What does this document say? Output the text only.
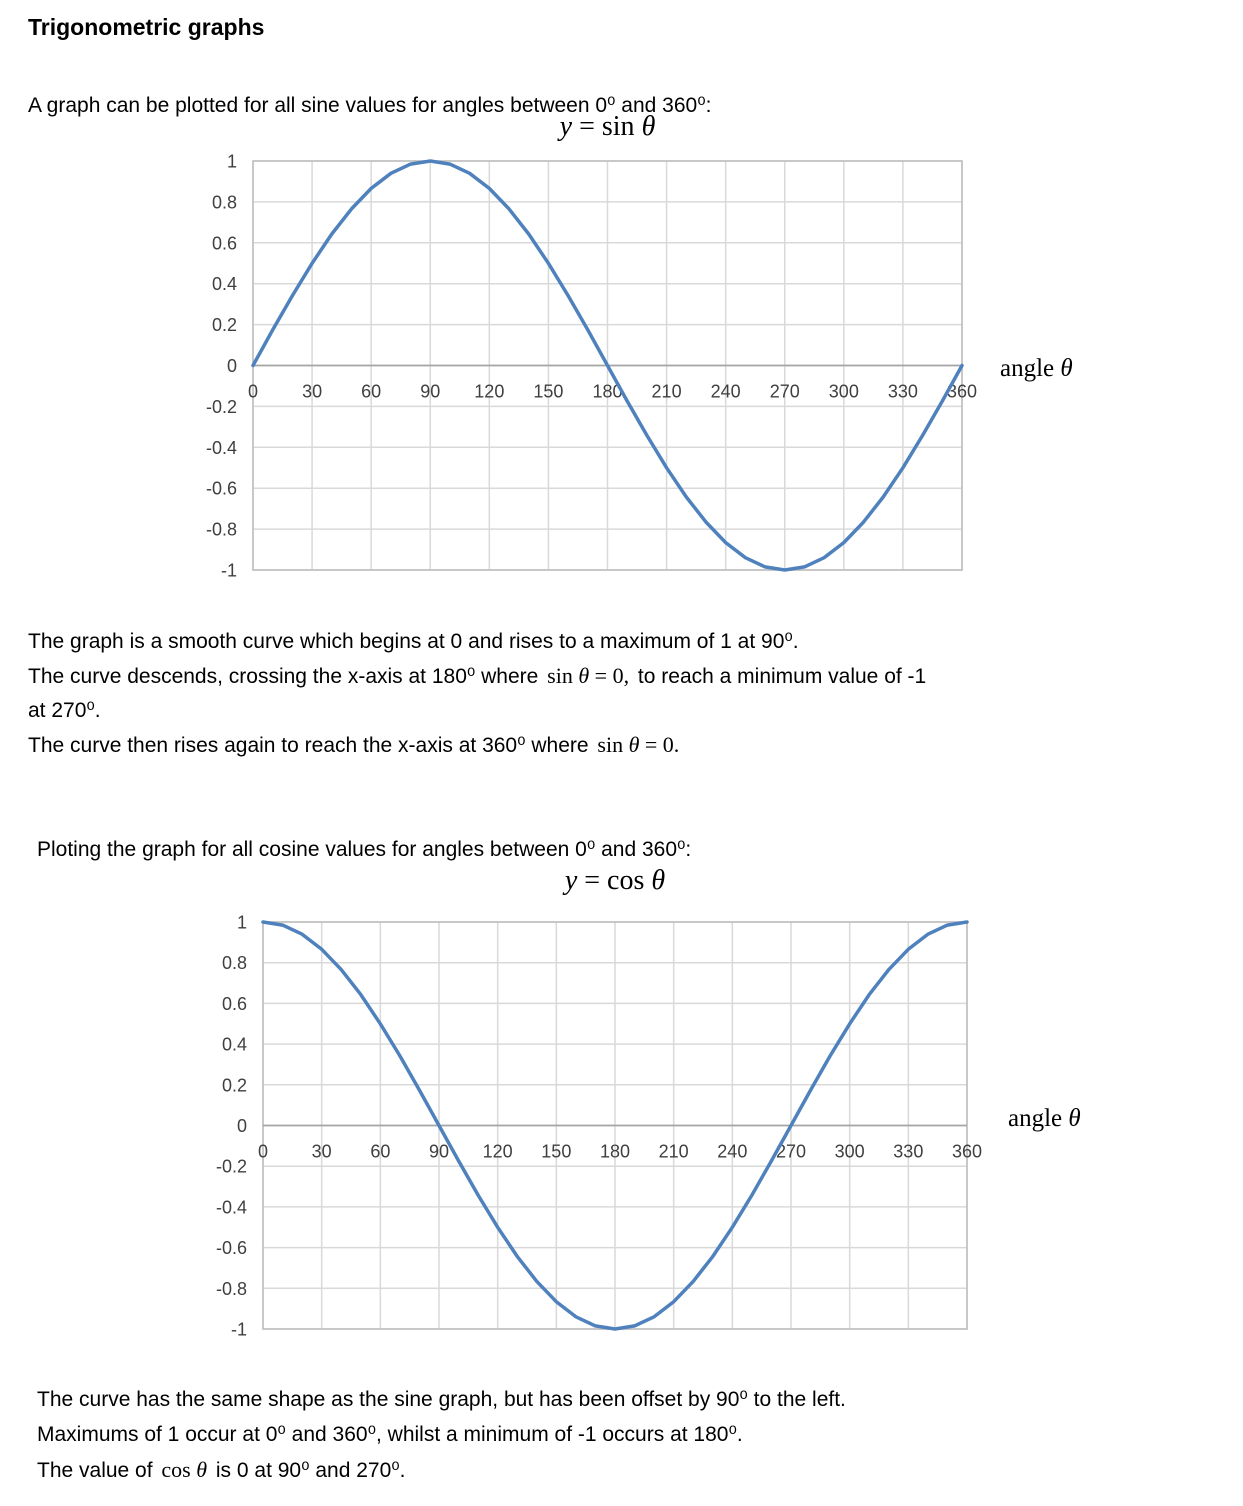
Trigonometric graphs

A graph can be plotted for all sine values for angles between 0⁰ and 360⁰:

y = sin θ
1
0.8
0.6
0.4
0.2
0
-0.2
-0.4
-0.6
-0.8
-1
0 30 60 90 120 150 180 210 240 270 300 330 360
angle θ
The graph is a smooth curve which begins at 0 and rises to a maximum of 1 at 90⁰.
The curve descends, crossing the x-axis at 180⁰ where sin θ = 0, to reach a minimum value of -1
at 270⁰.
The curve then rises again to reach the x-axis at 360⁰ where sin θ = 0.

Ploting the graph for all cosine values for angles between 0⁰ and 360⁰:

y = cos θ
1
0.8
0.6
0.4
0.2
0
-0.2
-0.4
-0.6
-0.8
-1
0 30 60 90 120 150 180 210 240 270 300 330 360
angle θ
The curve has the same shape as the sine graph, but has been offset by 90⁰ to the left.
Maximums of 1 occur at 0⁰ and 360⁰, whilst a minimum of -1 occurs at 180⁰.
The value of cos θ is 0 at 90⁰ and 270⁰.
